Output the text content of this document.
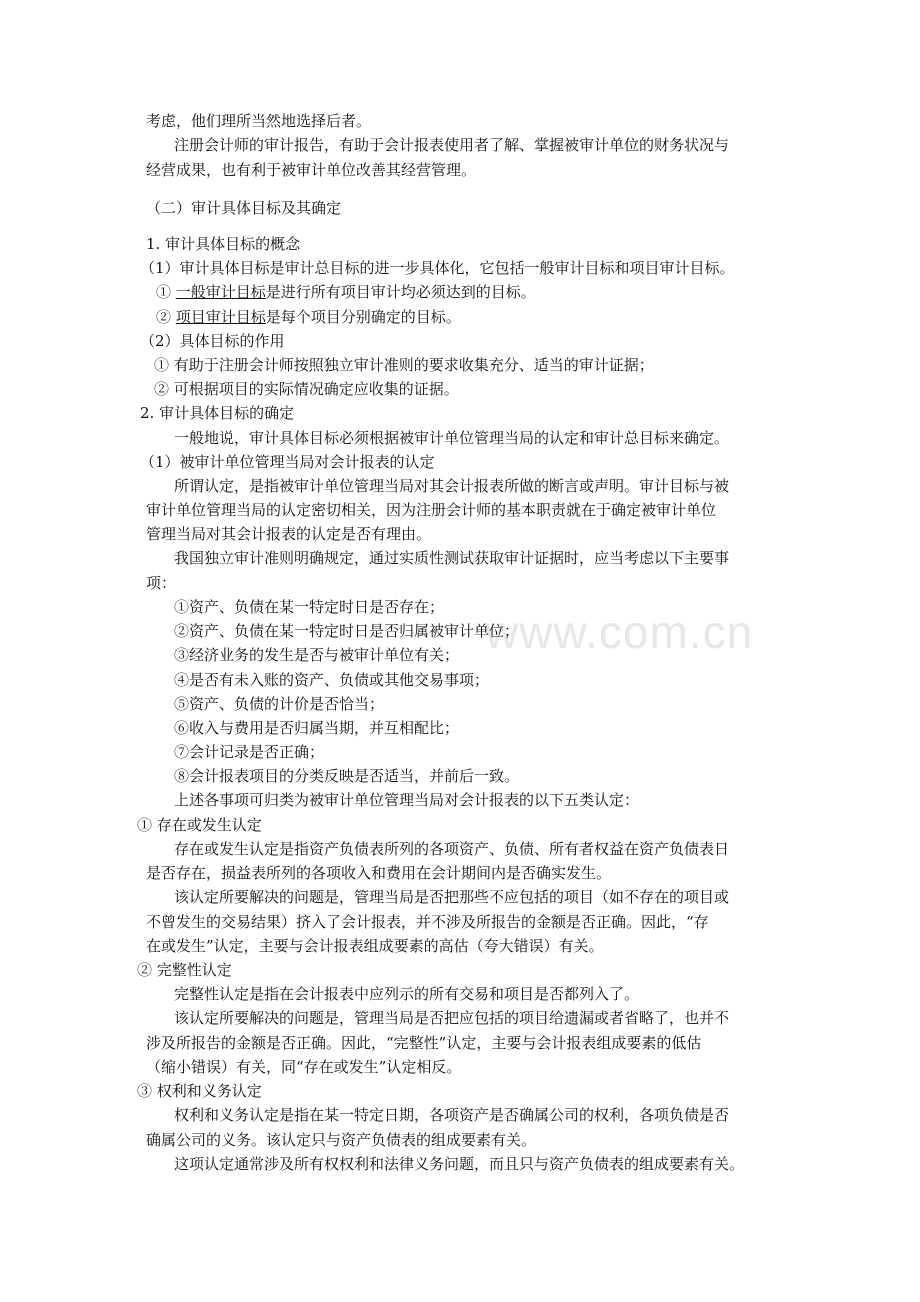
www.com.cn
考虑，他们理所当然地选择后者。
注册会计师的审计报告，有助于会计报表使用者了解、掌握被审计单位的财务状况与
经营成果，也有利于被审计单位改善其经营管理。
（二）审计具体目标及其确定
1. 审计具体目标的概念
（1）审计具体目标是审计总目标的进一步具体化，它包括一般审计目标和项目审计目标。
① 一般审计目标是进行所有项目审计均必须达到的目标。
② 项目审计目标是每个项目分别确定的目标。
（2）具体目标的作用
① 有助于注册会计师按照独立审计准则的要求收集充分、适当的审计证据；
② 可根据项目的实际情况确定应收集的证据。
2. 审计具体目标的确定
一般地说，审计具体目标必须根据被审计单位管理当局的认定和审计总目标来确定。
（1）被审计单位管理当局对会计报表的认定
所谓认定，是指被审计单位管理当局对其会计报表所做的断言或声明。审计目标与被
审计单位管理当局的认定密切相关，因为注册会计师的基本职责就在于确定被审计单位
管理当局对其会计报表的认定是否有理由。
我国独立审计准则明确规定，通过实质性测试获取审计证据时，应当考虑以下主要事
项：
①资产、负债在某一特定时日是否存在；
②资产、负债在某一特定时日是否归属被审计单位；
③经济业务的发生是否与被审计单位有关；
④是否有未入账的资产、负债或其他交易事项；
⑤资产、负债的计价是否恰当；
⑥收入与费用是否归属当期，并互相配比；
⑦会计记录是否正确；
⑧会计报表项目的分类反映是否适当，并前后一致。
上述各事项可归类为被审计单位管理当局对会计报表的以下五类认定：
① 存在或发生认定
存在或发生认定是指资产负债表所列的各项资产、负债、所有者权益在资产负债表日
是否存在，损益表所列的各项收入和费用在会计期间内是否确实发生。
该认定所要解决的问题是，管理当局是否把那些不应包括的项目（如不存在的项目或
不曾发生的交易结果）挤入了会计报表，并不涉及所报告的金额是否正确。因此，“存
在或发生”认定，主要与会计报表组成要素的高估（夸大错误）有关。
② 完整性认定
完整性认定是指在会计报表中应列示的所有交易和项目是否都列入了。
该认定所要解决的问题是，管理当局是否把应包括的项目给遗漏或者省略了，也并不
涉及所报告的金额是否正确。因此，“完整性”认定，主要与会计报表组成要素的低估
（缩小错误）有关，同“存在或发生”认定相反。
③ 权利和义务认定
权利和义务认定是指在某一特定日期，各项资产是否确属公司的权利，各项负债是否
确属公司的义务。该认定只与资产负债表的组成要素有关。
这项认定通常涉及所有权权利和法律义务问题，而且只与资产负债表的组成要素有关。
